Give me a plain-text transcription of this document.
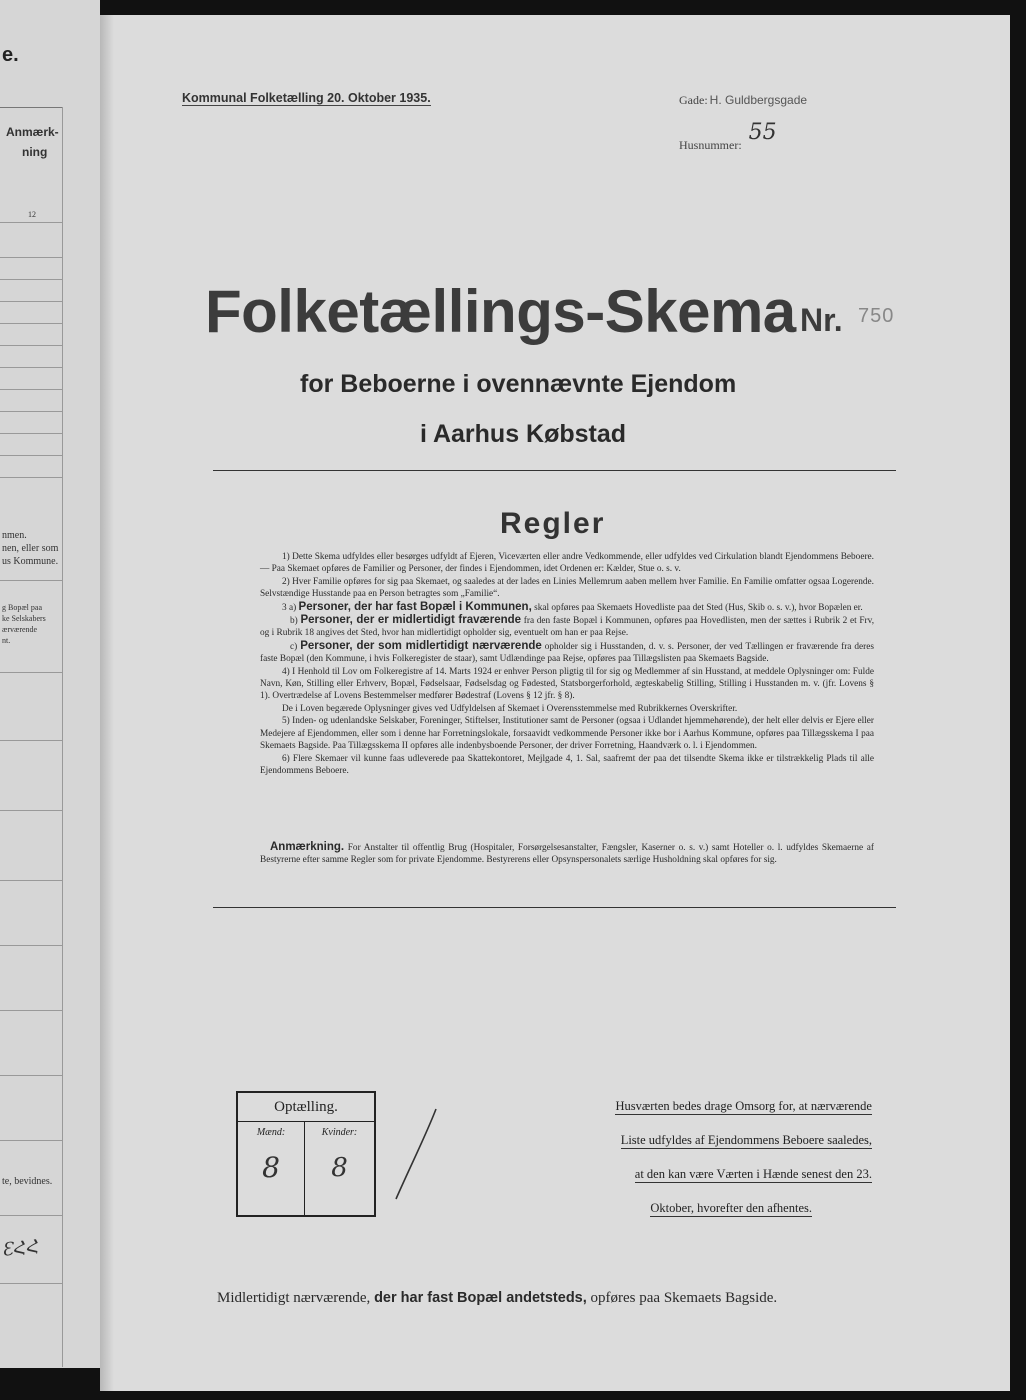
e.
Anmærk-
ning
12
nmen.
nen, eller som
us Kommune.
g Bopæl paa
ke Selskabers
ærværende
nt.
te, bevidnes.
ƐՀՀ
Kommunal Folketælling 20. Oktober 1935.	Gade: H. Guldbergsgade
Husnummer: 55
Folketællings-Skema Nr. 750
for Beboerne i ovennævnte Ejendom
i Aarhus Købstad
Regler

1) Dette Skema udfyldes eller besørges udfyldt af Ejeren, Viceværten eller andre Vedkommende, eller udfyldes ved Cirkulation blandt Ejendommens Beboere. — Paa Skemaet opføres de Familier og Personer, der findes i Ejendommen, idet Ordenen er: Kælder, Stue o. s. v.

2) Hver Familie opføres for sig paa Skemaet, og saaledes at der lades en Linies Mellemrum aaben mellem hver Familie. En Familie omfatter ogsaa Logerende. Selvstændige Husstande paa en Person betragtes som „Familie“.

3 a) Personer, der har fast Bopæl i Kommunen, skal opføres paa Skemaets Hovedliste paa det Sted (Hus, Skib o. s. v.), hvor Bopælen er.

b) Personer, der er midlertidigt fraværende fra den faste Bopæl i Kommunen, opføres paa Hovedlisten, men der sættes i Rubrik 2 et Frv, og i Rubrik 18 angives det Sted, hvor han midlertidigt opholder sig, eventuelt om han er paa Rejse.

c) Personer, der som midlertidigt nærværende opholder sig i Husstanden, d. v. s. Personer, der ved Tællingen er fraværende fra deres faste Bopæl (den Kommune, i hvis Folkeregister de staar), samt Udlændinge paa Rejse, opføres paa Tillægslisten paa Skemaets Bagside.

4) I Henhold til Lov om Folkeregistre af 14. Marts 1924 er enhver Person pligtig til for sig og Medlemmer af sin Husstand, at meddele Oplysninger om: Fulde Navn, Køn, Stilling eller Erhverv, Bopæl, Fødselsaar, Fødselsdag og Fødested, Statsborgerforhold, ægteskabelig Stilling, Stilling i Husstanden m. v. (jfr. Lovens § 1). Overtrædelse af Lovens Bestemmelser medfører Bødestraf (Lovens § 12 jfr. § 8).

De i Loven begærede Oplysninger gives ved Udfyldelsen af Skemaet i Overensstemmelse med Rubrikkernes Overskrifter.

5) Inden- og udenlandske Selskaber, Foreninger, Stiftelser, Institutioner samt de Personer (ogsaa i Udlandet hjemmehørende), der helt eller delvis er Ejere eller Medejere af Ejendommen, eller som i denne har Forretningslokale, forsaavidt vedkommende Personer ikke bor i Aarhus Kommune, opføres paa Tillægsskema I paa Skemaets Bagside. Paa Tillægsskema II opføres alle indenbysboende Personer, der driver Forretning, Haandværk o. l. i Ejendommen.

6) Flere Skemaer vil kunne faas udleverede paa Skattekontoret, Mejlgade 4, 1. Sal, saafremt der paa det tilsendte Skema ikke er tilstrækkelig Plads til alle Ejendommens Beboere.

Anmærkning. For Anstalter til offentlig Brug (Hospitaler, Forsørgelsesanstalter, Fængsler, Kaserner o. s. v.) samt Hoteller o. l. udfyldes Skemaerne af Bestyrerne efter samme Regler som for private Ejendomme. Bestyrerens eller Opsynspersonalets særlige Husholdning skal opføres for sig.

Optælling.
Mænd:	Kvinder:
8	8
Husværten bedes drage Omsorg for, at nærværende
Liste udfyldes af Ejendommens Beboere saaledes,
at den kan være Værten i Hænde senest den 23.
Oktober, hvorefter den afhentes.
Midlertidigt nærværende, der har fast Bopæl andetsteds, opføres paa Skemaets Bagside.
